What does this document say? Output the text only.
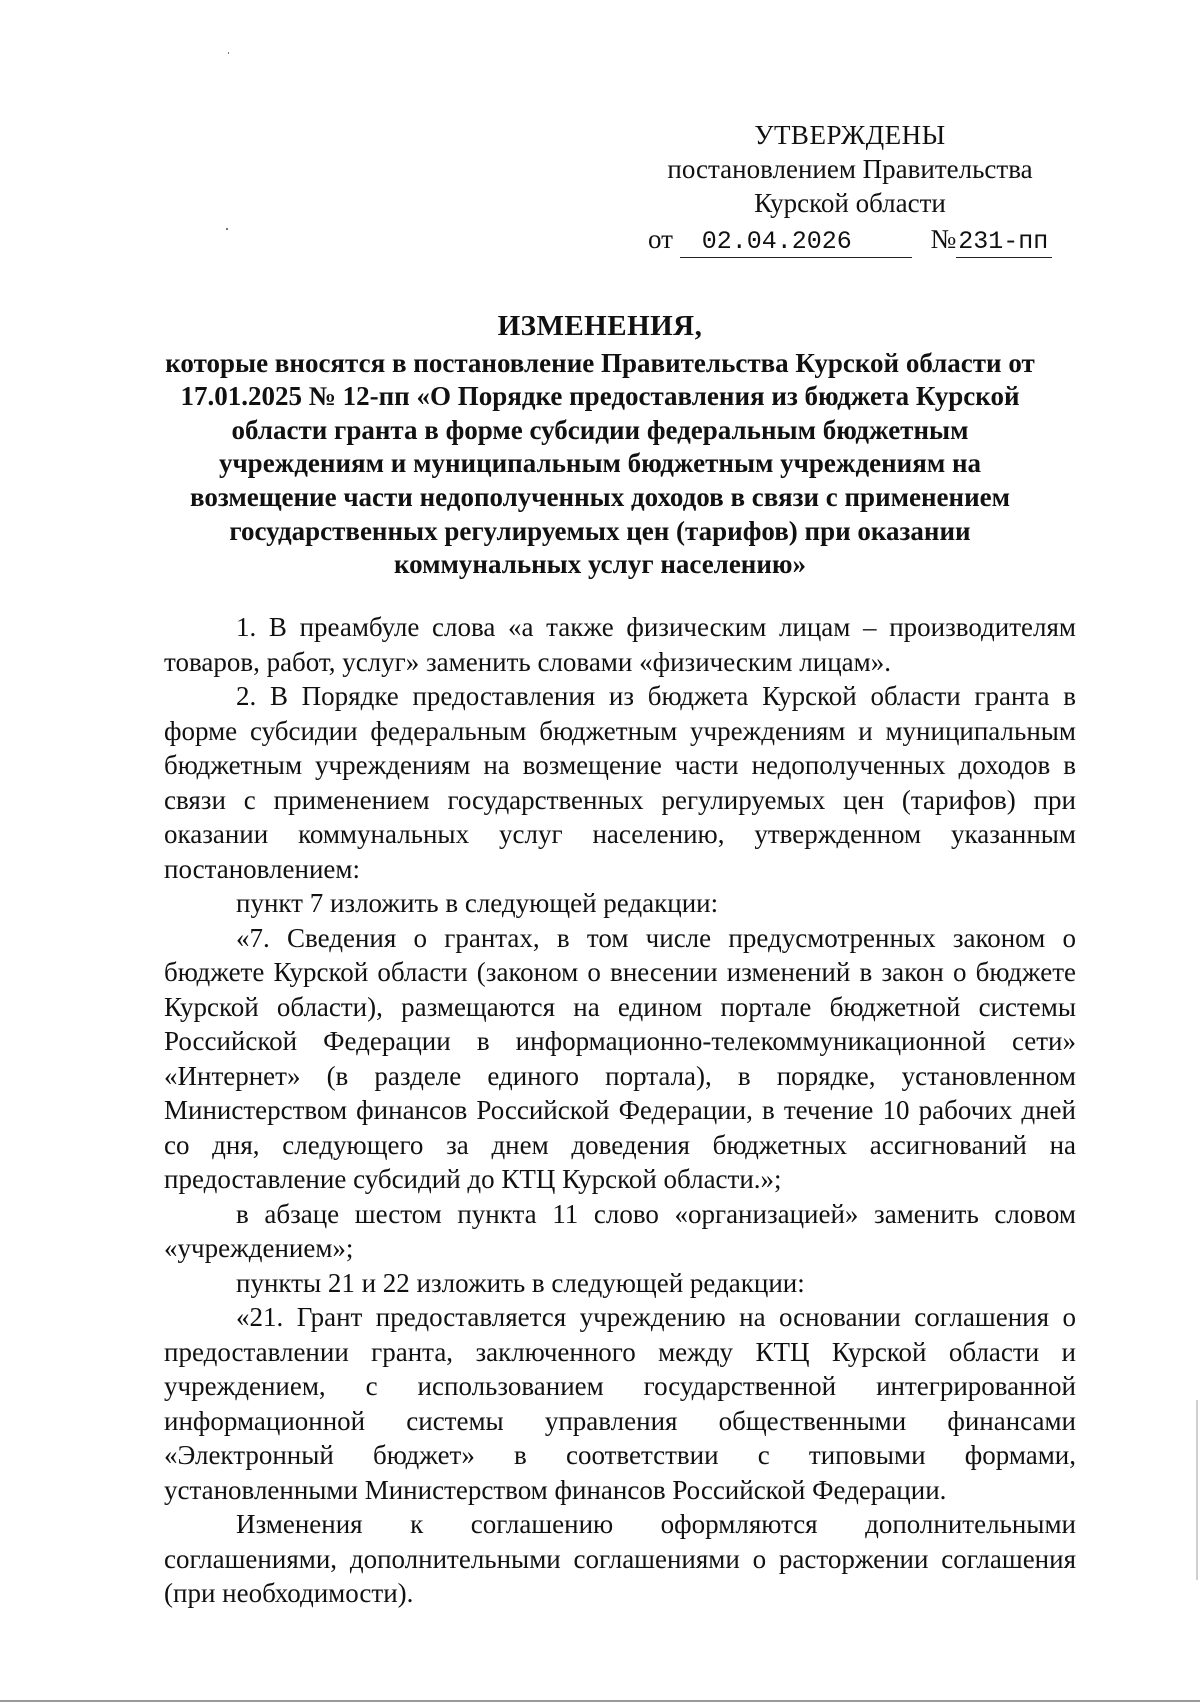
УТВЕРЖДЕНЫ
постановлением Правительства
Курской области
от 02.04.2026	№231-пп
ИЗМЕНЕНИЯ,
которые вносятся в постановление Правительства Курской области от 17.01.2025 № 12-пп «О Порядке предоставления из бюджета Курской области гранта в форме субсидии федеральным бюджетным учреждениям и муниципальным бюджетным учреждениям на возмещение части недополученных доходов в связи с применением государственных регулируемых цен (тарифов) при оказании коммунальных услуг населению»

1. В преамбуле слова «а также физическим лицам – производителям товаров, работ, услуг» заменить словами «физическим лицам».

2. В Порядке предоставления из бюджета Курской области гранта в форме субсидии федеральным бюджетным учреждениям и муниципальным бюджетным учреждениям на возмещение части недополученных доходов в связи с применением государственных регулируемых цен (тарифов) при оказании коммунальных услуг населению, утвержденном указанным постановлением:

пункт 7 изложить в следующей редакции:

«7. Сведения о грантах, в том числе предусмотренных законом о бюджете Курской области (законом о внесении изменений в закон о бюджете Курской области), размещаются на едином портале бюджетной системы Российской Федерации в информационно-телекоммуникационной сети» «Интернет» (в разделе единого портала), в порядке, установленном Министерством финансов Российской Федерации, в течение 10 рабочих дней со дня, следующего за днем доведения бюджетных ассигнований на предоставление субсидий до КТЦ Курской области.»;

в абзаце шестом пункта 11 слово «организацией» заменить словом «учреждением»;

пункты 21 и 22 изложить в следующей редакции:

«21. Грант предоставляется учреждению на основании соглашения о предоставлении гранта, заключенного между КТЦ Курской области и учреждением, с использованием государственной интегрированной информационной системы управления общественными финансами «Электронный бюджет» в соответствии с типовыми формами, установленными Министерством финансов Российской Федерации.

Изменения к соглашению оформляются дополнительными соглашениями, дополнительными соглашениями о расторжении соглашения (при необходимости).
